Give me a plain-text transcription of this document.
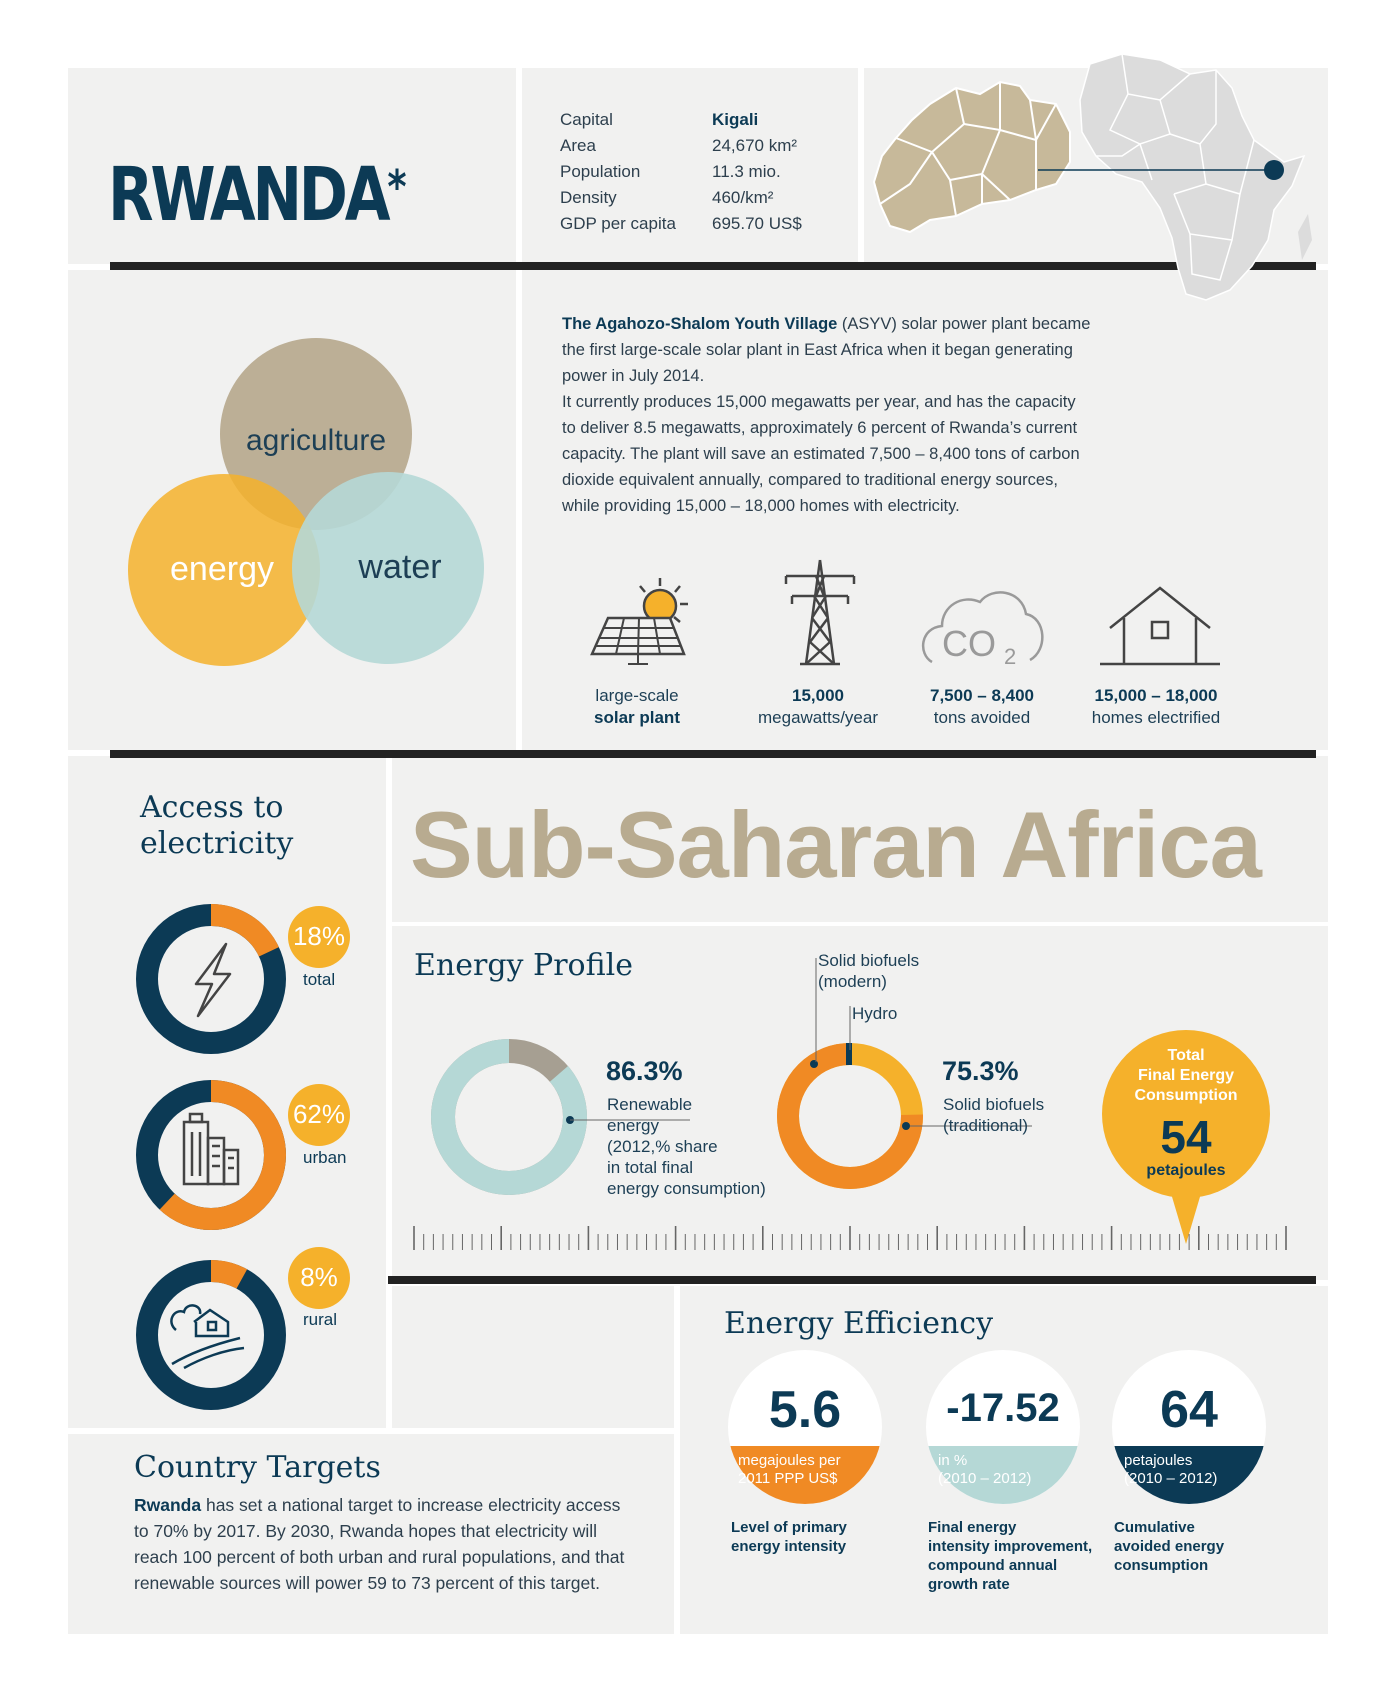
RWANDA*
Capital	Kigali
Area	24,670 km²
Population	11.3 mio.
Density	460/km²
GDP per capita 695.70 US$
agriculture
energy water
The Agahozo-Shalom Youth Village (ASYV) solar power plant became
the first large-scale solar plant in East Africa when it began generating
power in July 2014.
It currently produces 15,000 megawatts per year, and has the capacity
to deliver 8.5 megawatts, approximately 6 percent of Rwanda’s current
capacity. The plant will save an estimated 7,500 – 8,400 tons of carbon
dioxide equivalent annually, compared to traditional energy sources,
while providing 15,000 – 18,000 homes with electricity.
CO 2
large-scale
solar plant
15,000
megawatts/year
7,500 – 8,400
tons avoided
15,000 – 18,000
homes electrified
Access to
electricity
18%
total
62%
urban
8%
rural
Sub-Saharan Africa
Energy Profile
86.3%
Renewable
energy
(2012,% share
in total final
energy consumption)
Solid biofuels
(modern)
Hydro
75.3%
Solid biofuels
(traditional)
Total
Final Energy
Consumption
54
petajoules
Country Targets
Rwanda has set a national target to increase electricity access
to 70% by 2017. By 2030, Rwanda hopes that electricity will
reach 100 percent of both urban and rural populations, and that
renewable sources will power 59 to 73 percent of this target.
Energy Efficiency
5.6
megajoules per
2011 PPP US$
Level of primary
energy intensity
-17.52
in %
(2010 – 2012)
Final energy
intensity improvement,
compound annual
growth rate
64
petajoules
(2010 – 2012)
Cumulative
avoided energy
consumption
